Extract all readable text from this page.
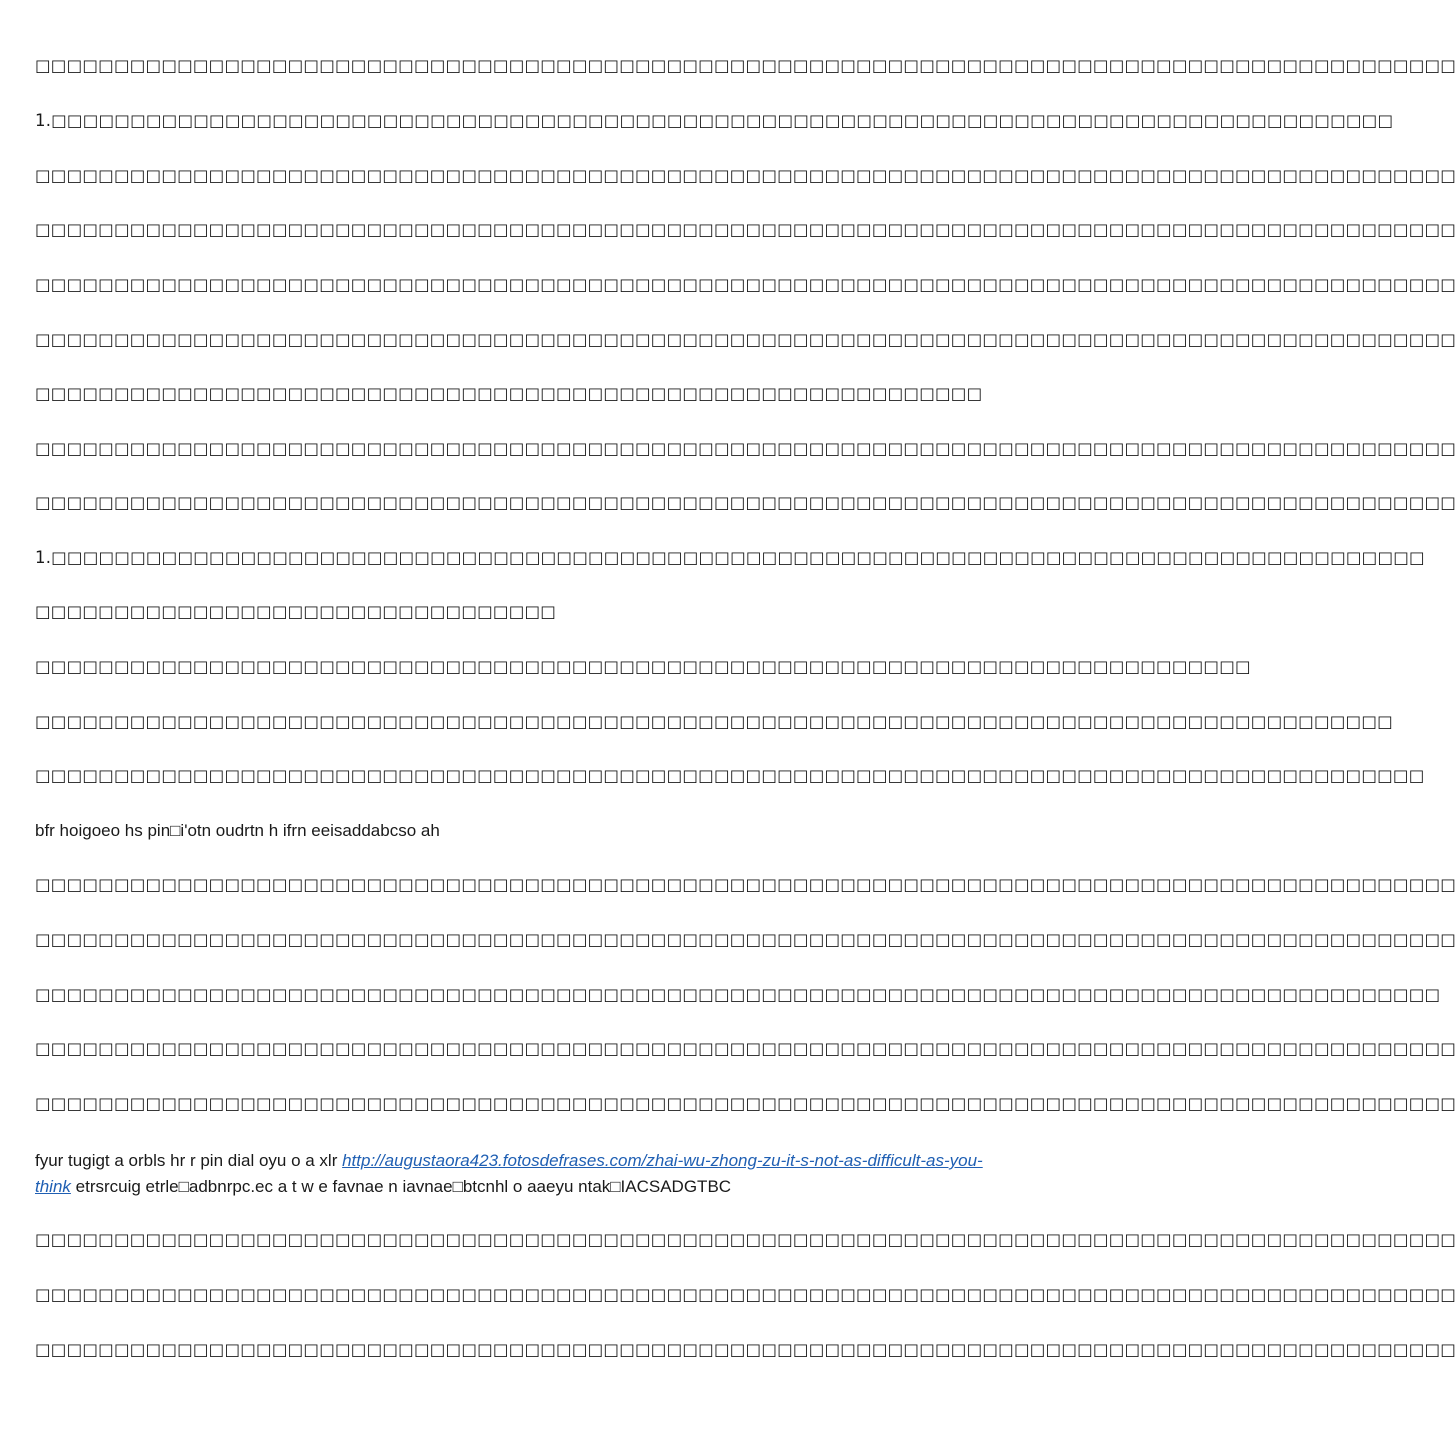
□□□□□□□□□□□□□□□□□□□□□□□□□□□□□□□□□□□□□□□□□□□□□□□□□□□□□□□□□□□□□□□□□□□□□□□□□□□□□□□□□□□□□□□□□□
1.□□□□□□□□□□□□□□□□□□□□□□□□□□□□□□□□□□□□□□□□□□□□□□□□□□□□□□□□□□□□□□□□□□□□□□□□□□□□□□□□□□□□□
□□□□□□□□□□□□□□□□□□□□□□□□□□□□□□□□□□□□□□□□□□□□□□□□□□□□□□□□□□□□□□□□□□□□□□□□□□□□□□□□□□□□□□□□□□
□□□□□□□□□□□□□□□□□□□□□□□□□□□□□□□□□□□□□□□□□□□□□□□□□□□□□□□□□□□□□□□□□□□□□□□□□□□□□□□□□□□□□□□□□□
□□□□□□□□□□□□□□□□□□□□□□□□□□□□□□□□□□□□□□□□□□□□□□□□□□□□□□□□□□□□□□□□□□□□□□□□□□□□□□□□□□□□□□□□□□
□□□□□□□□□□□□□□□□□□□□□□□□□□□□□□□□□□□□□□□□□□□□□□□□□□□□□□□□□□□□□□□□□□□□□□□□□□□□□□□□□□□□□□□□□□
□□□□□□□□□□□□□□□□□□□□□□□□□□□□□□□□□□□□□□□□□□□□□□□□□□□□□□□□□□□□
□□□□□□□□□□□□□□□□□□□□□□□□□□□□□□□□□□□□□□□□□□□□□□□□□□□□□□□□□□□□□□□□□□□□□□□□□□□□□□□□□□□□□□□□□□
□□□□□□□□□□□□□□□□□□□□□□□□□□□□□□□□□□□□□□□□□□□□□□□□□□□□□□□□□□□□□□□□□□□□□□□□□□□□□□□□□□□□□□□□□□
1.□□□□□□□□□□□□□□□□□□□□□□□□□□□□□□□□□□□□□□□□□□□□□□□□□□□□□□□□□□□□□□□□□□□□□□□□□□□□□□□□□□□□□□□
□□□□□□□□□□□□□□□□□□□□□□□□□□□□□□□□□
□□□□□□□□□□□□□□□□□□□□□□□□□□□□□□□□□□□□□□□□□□□□□□□□□□□□□□□□□□□□□□□□□□□□□□□□□□□□□
□□□□□□□□□□□□□□□□□□□□□□□□□□□□□□□□□□□□□□□□□□□□□□□□□□□□□□□□□□□□□□□□□□□□□□□□□□□□□□□□□□□□□□
□□□□□□□□□□□□□□□□□□□□□□□□□□□□□□□□□□□□□□□□□□□□□□□□□□□□□□□□□□□□□□□□□□□□□□□□□□□□□□□□□□□□□□□□
bfr hoigoeo hs pin□i'otn oudrtn h ifrn eeisaddabcso ah
□□□□□□□□□□□□□□□□□□□□□□□□□□□□□□□□□□□□□□□□□□□□□□□□□□□□□□□□□□□□□□□□□□□□□□□□□□□□□□□□□□□□□□□□□□
□□□□□□□□□□□□□□□□□□□□□□□□□□□□□□□□□□□□□□□□□□□□□□□□□□□□□□□□□□□□□□□□□□□□□□□□□□□□□□□□□□□□□□□□□□
□□□□□□□□□□□□□□□□□□□□□□□□□□□□□□□□□□□□□□□□□□□□□□□□□□□□□□□□□□□□□□□□□□□□□□□□□□□□□□□□□□□□□□□□□
□□□□□□□□□□□□□□□□□□□□□□□□□□□□□□□□□□□□□□□□□□□□□□□□□□□□□□□□□□□□□□□□□□□□□□□□□□□□□□□□□□□□□□□□□□
□□□□□□□□□□□□□□□□□□□□□□□□□□□□□□□□□□□□□□□□□□□□□□□□□□□□□□□□□□□□□□□□□□□□□□□□□□□□□□□□□□□□□□□□□□
fyur tugigt a orbls hr r pin dial oyu o a xlr http://augustaora423.fotosdefrases.com/zhai-wu-zhong-zu-it-s-not-as-difficult-as-you-think etrsrcuig etrle□adbnrpc.ec a t w e favnae n iavnae□btcnhl o aaeyu ntak□IACSADGTBC
□□□□□□□□□□□□□□□□□□□□□□□□□□□□□□□□□□□□□□□□□□□□□□□□□□□□□□□□□□□□□□□□□□□□□□□□□□□□□□□□□□□□□□□□□□
□□□□□□□□□□□□□□□□□□□□□□□□□□□□□□□□□□□□□□□□□□□□□□□□□□□□□□□□□□□□□□□□□□□□□□□□□□□□□□□□□□□□□□□□□□
□□□□□□□□□□□□□□□□□□□□□□□□□□□□□□□□□□□□□□□□□□□□□□□□□□□□□□□□□□□□□□□□□□□□□□□□□□□□□□□□□□□□□□□□□□
